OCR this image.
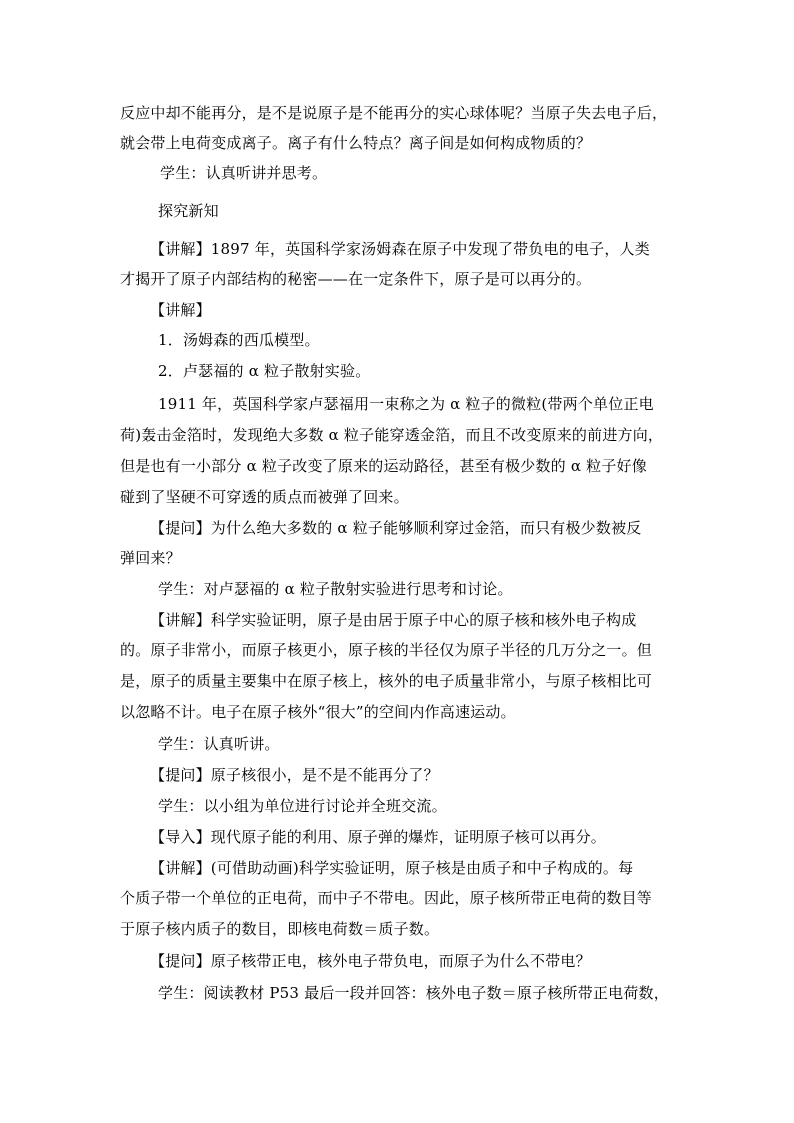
反应中却不能再分，是不是说原子是不能再分的实心球体呢？当原子失去电子后，
就会带上电荷变成离子。离子有什么特点？离子间是如何构成物质的？
学生：认真听讲并思考。
探究新知
【讲解】1897 年，英国科学家汤姆森在原子中发现了带负电的电子，人类
才揭开了原子内部结构的秘密——在一定条件下，原子是可以再分的。
【讲解】
1．汤姆森的西瓜模型。
2．卢瑟福的 α 粒子散射实验。
1911 年，英国科学家卢瑟福用一束称之为 α 粒子的微粒(带两个单位正电
荷)轰击金箔时，发现绝大多数 α 粒子能穿透金箔，而且不改变原来的前进方向，
但是也有一小部分 α 粒子改变了原来的运动路径，甚至有极少数的 α 粒子好像
碰到了坚硬不可穿透的质点而被弹了回来。
【提问】为什么绝大多数的 α 粒子能够顺利穿过金箔，而只有极少数被反
弹回来？
学生：对卢瑟福的 α 粒子散射实验进行思考和讨论。
【讲解】科学实验证明，原子是由居于原子中心的原子核和核外电子构成
的。原子非常小，而原子核更小，原子核的半径仅为原子半径的几万分之一。但
是，原子的质量主要集中在原子核上，核外的电子质量非常小，与原子核相比可
以忽略不计。电子在原子核外“很大”的空间内作高速运动。
学生：认真听讲。
【提问】原子核很小，是不是不能再分了？
学生：以小组为单位进行讨论并全班交流。
【导入】现代原子能的利用、原子弹的爆炸，证明原子核可以再分。
【讲解】(可借助动画)科学实验证明，原子核是由质子和中子构成的。每
个质子带一个单位的正电荷，而中子不带电。因此，原子核所带正电荷的数目等
于原子核内质子的数目，即核电荷数＝质子数。
【提问】原子核带正电，核外电子带负电，而原子为什么不带电？
学生：阅读教材 P53 最后一段并回答：核外电子数＝原子核所带正电荷数，
